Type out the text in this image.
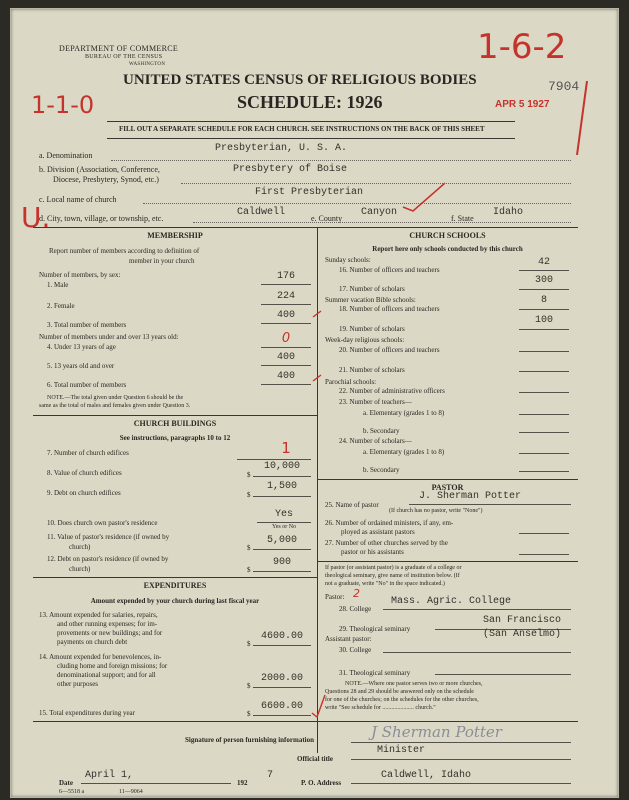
DEPARTMENT OF COMMERCE
BUREAU OF THE CENSUS
WASHINGTON
UNITED STATES CENSUS OF RELIGIOUS BODIES
SCHEDULE: 1926
FILL OUT A SEPARATE SCHEDULE FOR EACH CHURCH. SEE INSTRUCTIONS ON THE BACK OF THIS SHEET
1-6-2
1-1-0
7904
APR 5 1927
U.
a. Denomination
Presbyterian, U. S. A.
b. Division (Association, Conference,
Diocese, Presbytery, Synod, etc.)
Presbytery of Boise
c. Local name of church
First Presbyterian
d. City, town, village, or township, etc.
Caldwell
e. County
Canyon
f. State
Idaho
MEMBERSHIP
Report number of members according to definition of
member in your church
Number of members, by sex:
1. Male
176
2. Female
224
3. Total number of members
400
Number of members under and over 13 years old:
4. Under 13 years of age
0
5. 13 years old and over
400
6. Total number of members
400
NOTE.—The total given under Question 6 should be the
same as the total of males and females given under Question 3.
CHURCH BUILDINGS
See instructions, paragraphs 10 to 12
7. Number of church edifices	1
8. Value of church edifices	$
10,000
9. Debt on church edifices	$
1,500
10. Does church own pastor's residence
Yes
Yes or No
11. Value of pastor's residence (if owned by
church)	$
5,000
12. Debt on pastor's residence (if owned by
church)	$
900
EXPENDITURES
Amount expended by your church during last fiscal year
13. Amount expended for salaries, repairs,
and other running expenses; for im-
provements or new buildings; and for
payments on church debt	$
4600.00
14. Amount expended for benevolences, in-
cluding home and foreign missions; for
denominational support; and for all
other purposes	$
2000.00
15. Total expenditures during year	$
6600.00
CHURCH SCHOOLS
Report here only schools conducted by this church
Sunday schools:
16. Number of officers and teachers
42
17. Number of scholars
300
Summer vacation Bible schools:
18. Number of officers and teachers
8
19. Number of scholars
100
Week-day religious schools:
20. Number of officers and teachers
21. Number of scholars
Parochial schools:
22. Number of administrative officers
23. Number of teachers—
a. Elementary (grades 1 to 8)
b. Secondary
24. Number of scholars—
a. Elementary (grades 1 to 8)
b. Secondary
PASTOR
25. Name of pastor
J. Sherman Potter
(If church has no pastor, write "None")
26. Number of ordained ministers, if any, em-
ployed as assistant pastors
27. Number of other churches served by the
pastor or his assistants
If pastor (or assistant pastor) is a graduate of a college or
theological seminary, give name of institution below. (If
not a graduate, write "No" in the space indicated.)
Pastor: 2
28. College
Mass. Agric. College
29. Theological seminary
San Francisco
(San Anselmo)
Assistant pastor:
30. College
31. Theological seminary
NOTE.—Where one pastor serves two or more churches,
Questions 28 and 29 should be answered only on the schedule
for one of the churches; on the schedules for the other churches,
write "See schedule for ..................... church."
Signature of person furnishing information	J Sherman Potter
Official title
Minister
Date
April 1,
192
7
P. O. Address
Caldwell, Idaho
6—5518 a	11—9064
